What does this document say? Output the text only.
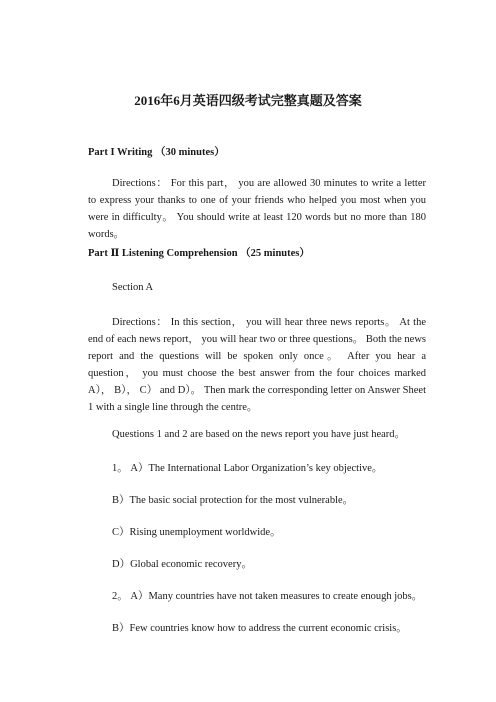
2016年6月英语四级考试完整真题及答案
Part I Writing （30 minutes）
Directions： For this part， you are allowed 30 minutes to write a letter to express your thanks to one of your friends who helped you most when you were in difficulty。 You should write at least 120 words but no more than 180 words。
Part Ⅱ Listening Comprehension （25 minutes）
Section A
Directions： In this section， you will hear three news reports。 At the end of each news report， you will hear two or three questions。 Both the news report and the questions will be spoken only once。 After you hear a question， you must choose the best answer from the four choices marked A）， B）， C） and D）。 Then mark the corresponding letter on Answer Sheet 1 with a single line through the centre。
Questions 1 and 2 are based on the news report you have just heard。
1。 A）The International Labor Organization’s key objective。
B）The basic social protection for the most vulnerable。
C）Rising unemployment worldwide。
D）Global economic recovery。
2。 A）Many countries have not taken measures to create enough jobs。
B）Few countries know how to address the current economic crisis。
